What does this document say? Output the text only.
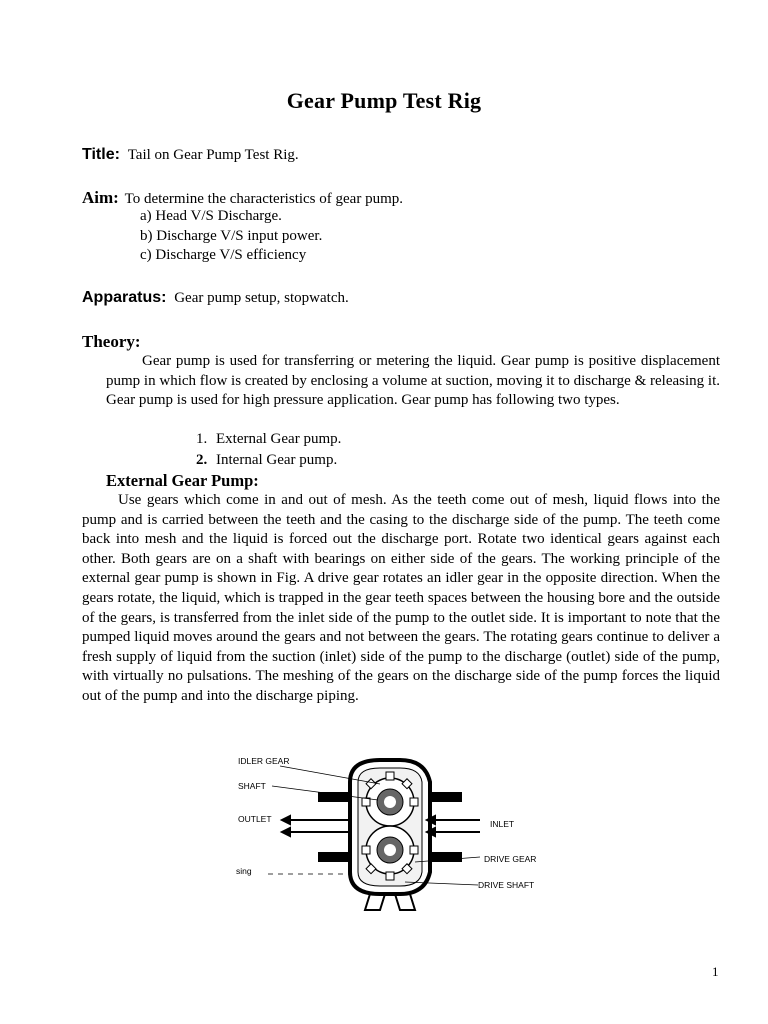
Gear Pump Test Rig
Title: Tail on Gear Pump Test Rig.
Aim: To determine the characteristics of gear pump.
a) Head V/S Discharge.
b) Discharge V/S input power.
c) Discharge V/S efficiency
Apparatus: Gear pump setup, stopwatch.
Theory:
Gear pump is used for transferring or metering the liquid. Gear pump is positive displacement pump in which flow is created by enclosing a volume at suction, moving it to discharge & releasing it. Gear pump is used for high pressure application. Gear pump has following two types.
1. External Gear pump.
2. Internal Gear pump.
External Gear Pump:
Use gears which come in and out of mesh. As the teeth come out of mesh, liquid flows into the pump and is carried between the teeth and the casing to the discharge side of the pump. The teeth come back into mesh and the liquid is forced out the discharge port. Rotate two identical gears against each other. Both gears are on a shaft with bearings on either side of the gears. The working principle of the external gear pump is shown in Fig. A drive gear rotates an idler gear in the opposite direction. When the gears rotate, the liquid, which is trapped in the gear teeth spaces between the housing bore and the outside of the gears, is transferred from the inlet side of the pump to the outlet side. It is important to note that the pumped liquid moves around the gears and not between the gears. The rotating gears continue to deliver a fresh supply of liquid from the suction (inlet) side of the pump to the discharge (outlet) side of the pump, with virtually no pulsations. The meshing of the gears on the discharge side of the pump forces the liquid out of the pump and into the discharge piping.
IDLER GEAR
SHAFT
OUTLET	INLET
DRIVE GEAR
sing
DRIVE SHAFT
1
